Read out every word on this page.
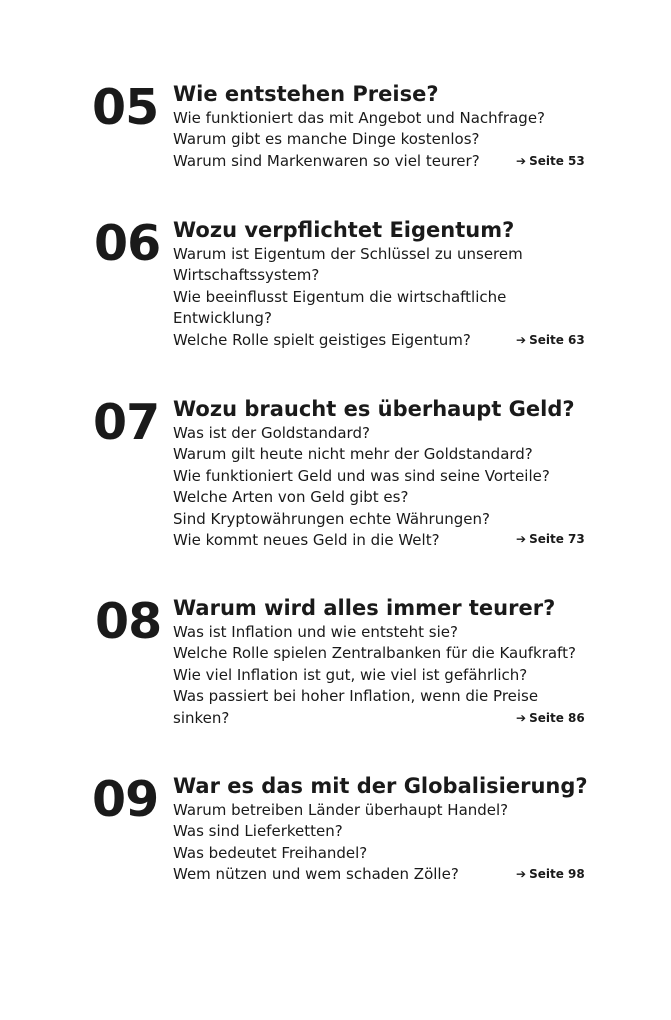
05 Wie entstehen Preise?
Wie funktioniert das mit Angebot und Nachfrage?
Warum gibt es manche Dinge kostenlos?
Warum sind Markenwaren so viel teurer?	➔ Seite 53
06 Wozu verpflichtet Eigentum?
Warum ist Eigentum der Schlüssel zu unserem
Wirtschaftssystem?
Wie beeinflusst Eigentum die wirtschaftliche
Entwicklung?
Welche Rolle spielt geistiges Eigentum?	➔ Seite 63
07 Wozu braucht es überhaupt Geld?
Was ist der Goldstandard?
Warum gilt heute nicht mehr der Goldstandard?
Wie funktioniert Geld und was sind seine Vorteile?
Welche Arten von Geld gibt es?
Sind Kryptowährungen echte Währungen?
Wie kommt neues Geld in die Welt?	➔ Seite 73
08 Warum wird alles immer teurer?
Was ist Inflation und wie entsteht sie?
Welche Rolle spielen Zentralbanken für die Kaufkraft?
Wie viel Inflation ist gut, wie viel ist gefährlich?
Was passiert bei hoher Inflation, wenn die Preise
sinken?	➔ Seite 86
09 War es das mit der Globalisierung?
Warum betreiben Länder überhaupt Handel?
Was sind Lieferketten?
Was bedeutet Freihandel?
Wem nützen und wem schaden Zölle?	➔ Seite 98
